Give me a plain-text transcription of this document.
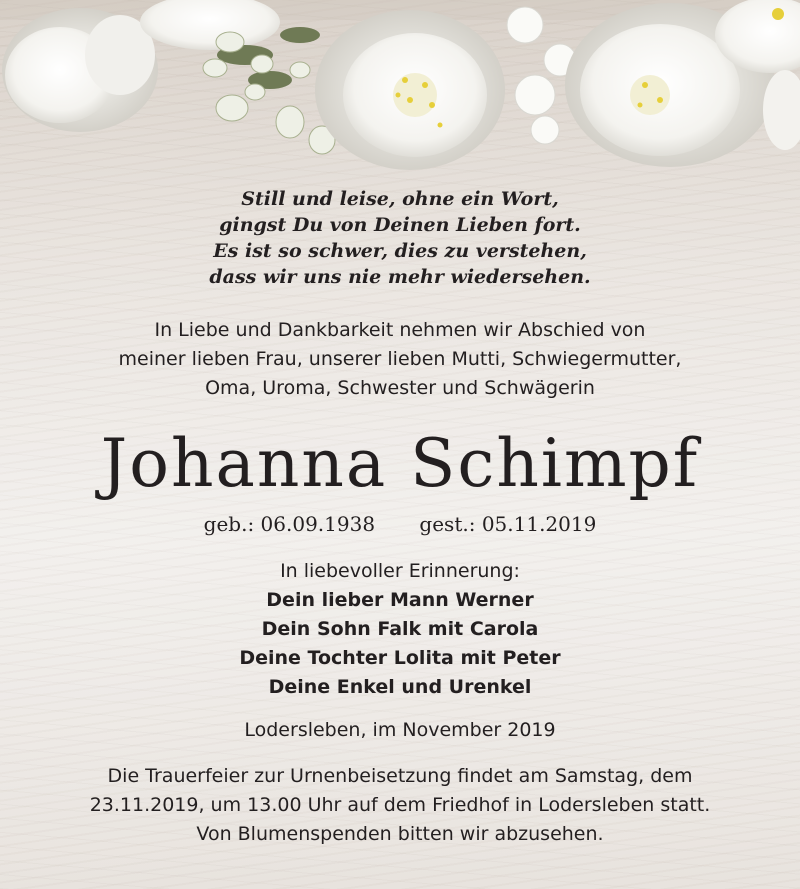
Still und leise, ohne ein Wort,
gingst Du von Deinen Lieben fort.
Es ist so schwer, dies zu verstehen,
dass wir uns nie mehr wiedersehen.
In Liebe und Dankbarkeit nehmen wir Abschied von
meiner lieben Frau, unserer lieben Mutti, Schwiegermutter,
Oma, Uroma, Schwester und Schwägerin
Johanna Schimpf
geb.: 06.09.1938 gest.: 05.11.2019
In liebevoller Erinnerung:
Dein lieber Mann Werner
Dein Sohn Falk mit Carola
Deine Tochter Lolita mit Peter
Deine Enkel und Urenkel
Lodersleben, im November 2019
Die Trauerfeier zur Urnenbeisetzung findet am Samstag, dem
23.11.2019, um 13.00 Uhr auf dem Friedhof in Lodersleben statt.
Von Blumenspenden bitten wir abzusehen.
